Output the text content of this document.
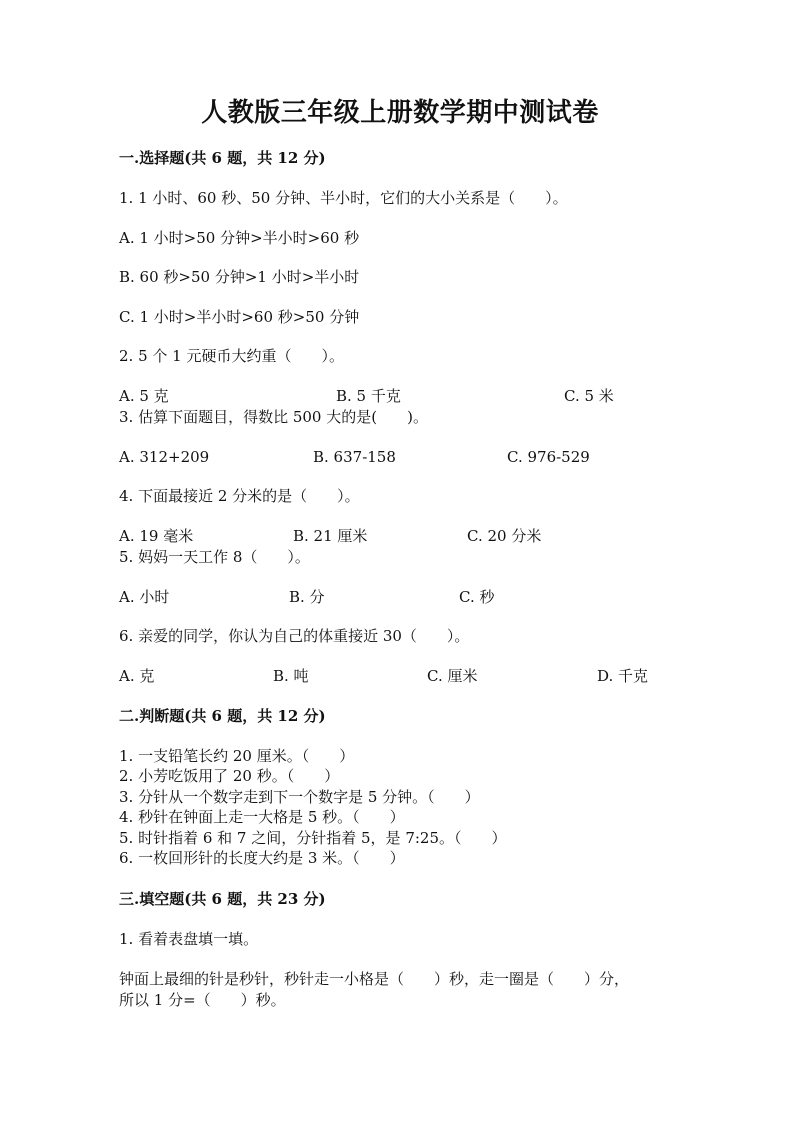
人教版三年级上册数学期中测试卷
一.选择题(共 6 题，共 12 分)
1. 1 小时、60 秒、50 分钟、半小时，它们的大小关系是（　　）。
A. 1 小时>50 分钟>半小时>60 秒
B. 60 秒>50 分钟>1 小时>半小时
C. 1 小时>半小时>60 秒>50 分钟
2. 5 个 1 元硬币大约重（　　）。
A. 5 克	B. 5 千克	C. 5 米
3. 估算下面题目，得数比 500 大的是(　　)。
A. 312+209	B. 637-158	C. 976-529
4. 下面最接近 2 分米的是（　　）。
A. 19 毫米	B. 21 厘米	C. 20 分米
5. 妈妈一天工作 8（　　）。
A. 小时	B. 分	C. 秒
6. 亲爱的同学，你认为自己的体重接近 30（　　）。
A. 克	B. 吨	C. 厘米	D. 千克
二.判断题(共 6 题，共 12 分)
1. 一支铅笔长约 20 厘米。（　　）
2. 小芳吃饭用了 20 秒。（　　）
3. 分针从一个数字走到下一个数字是 5 分钟。（　　）
4. 秒针在钟面上走一大格是 5 秒。（　　）
5. 时针指着 6 和 7 之间，分针指着 5，是 7:25。（　　）
6. 一枚回形针的长度大约是 3 米。（　　）
三.填空题(共 6 题，共 23 分)
1. 看着表盘填一填。
钟面上最细的针是秒针，秒针走一小格是（　　）秒，走一圈是（　　）分，
所以 1 分=（　　）秒。
